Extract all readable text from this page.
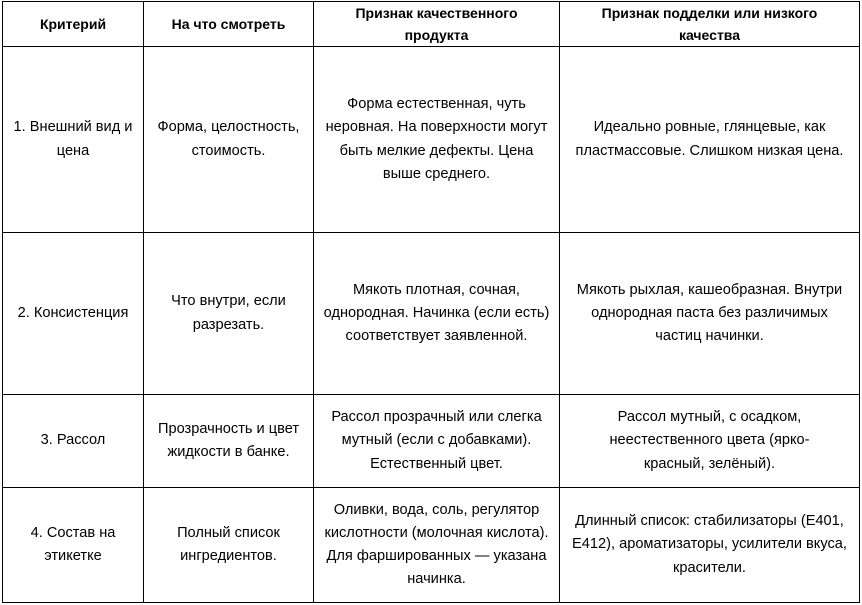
Критерий	На что смотреть	Признак качественного продукта	Признак подделки или низкого качества
1. Внешний вид и цена	Форма, целостность, стоимость.	Форма естественная, чуть неровная. На поверхности могут быть мелкие дефекты. Цена выше среднего.	Идеально ровные, глянцевые, как пластмассовые. Слишком низкая цена.
2. Консистенция	Что внутри, если разрезать.	Мякоть плотная, сочная, однородная. Начинка (если есть) соответствует заявленной.	Мякоть рыхлая, кашеобразная. Внутри однородная паста без различимых частиц начинки.
3. Рассол	Прозрачность и цвет жидкости в банке.	Рассол прозрачный или слегка мутный (если с добавками). Естественный цвет.	Рассол мутный, с осадком, неестественного цвета (ярко-красный, зелёный).
4. Состав на этикетке	Полный список ингредиентов.	Оливки, вода, соль, регулятор кислотности (молочная кислота). Для фаршированных — указана начинка.	Длинный список: стабилизаторы (E401, E412), ароматизаторы, усилители вкуса, красители.
